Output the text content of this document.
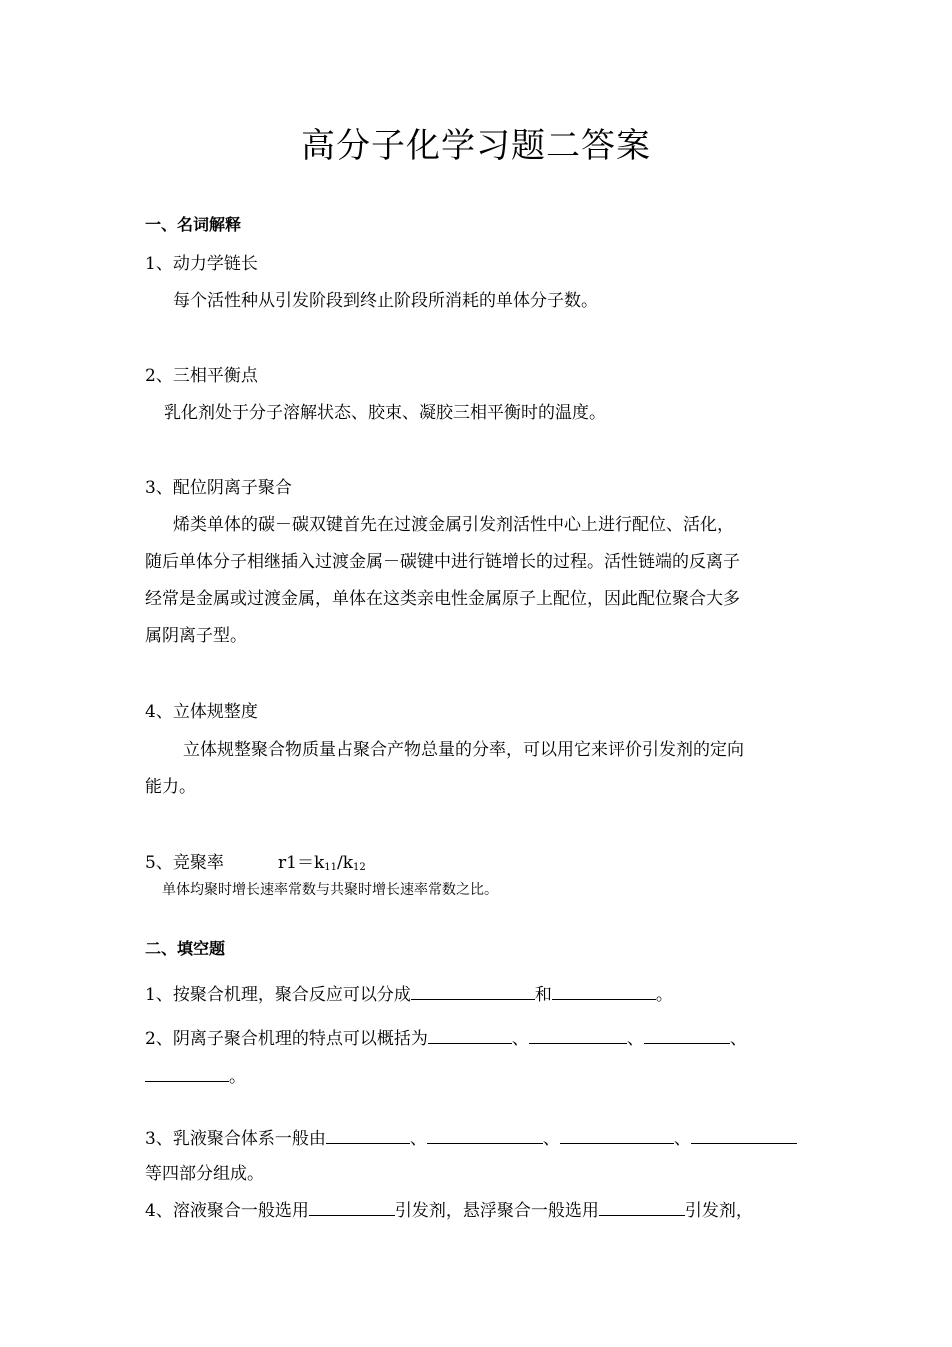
高分子化学习题二答案
一、名词解释
1、动力学链长
每个活性种从引发阶段到终止阶段所消耗的单体分子数。
2、三相平衡点
乳化剂处于分子溶解状态、胶束、凝胶三相平衡时的温度。
3、配位阴离子聚合
烯类单体的碳－碳双键首先在过渡金属引发剂活性中心上进行配位、活化，
随后单体分子相继插入过渡金属－碳键中进行链增长的过程。活性链端的反离子
经常是金属或过渡金属，单体在这类亲电性金属原子上配位，因此配位聚合大多
属阴离子型。
4、立体规整度
立体规整聚合物质量占聚合产物总量的分率，可以用它来评价引发剂的定向
能力。
5、竞聚率	$r1=k_{11}/k_{12}$
单体均聚时增长速率常数与共聚时增长速率常数之比。
二、填空题
1、按聚合机理，聚合反应可以分成	和	。
2、阴离子聚合机理的特点可以概括为	、	、	、
。
3、乳液聚合体系一般由	、	、	、
等四部分组成。
4、溶液聚合一般选用	引发剂，悬浮聚合一般选用	引发剂，
